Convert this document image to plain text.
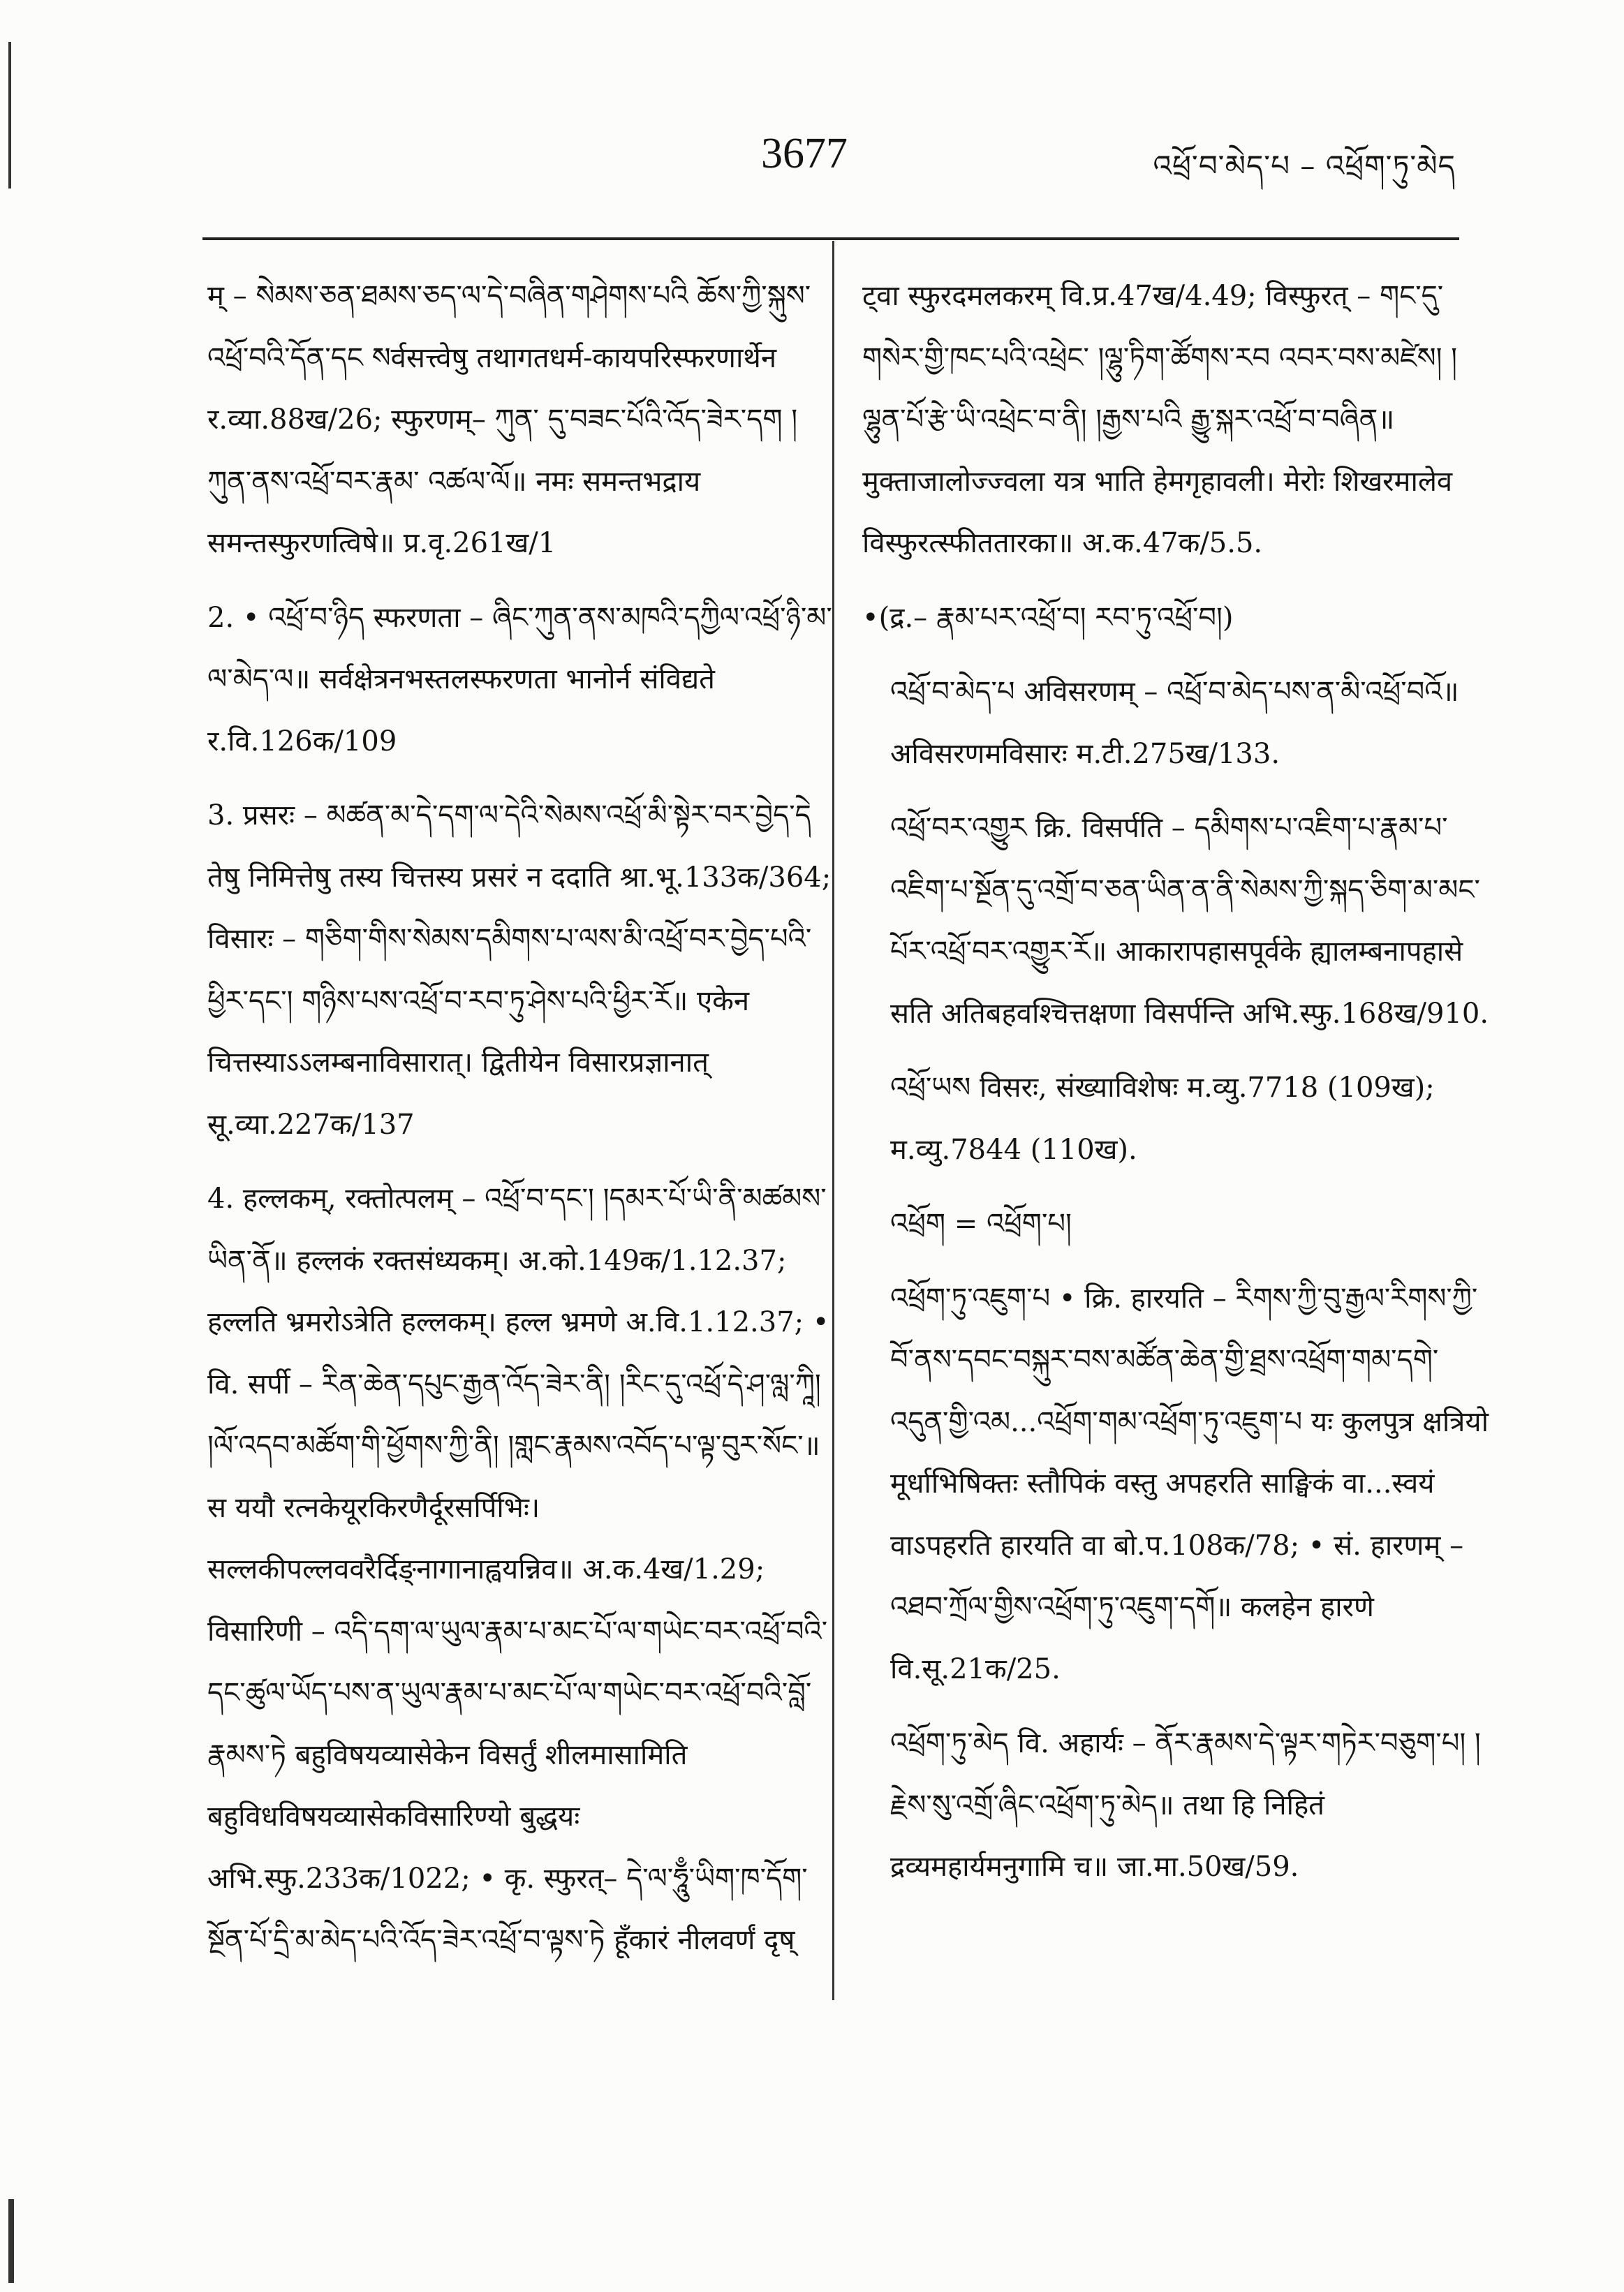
3677	འཕྲོ་བ་མེད་པ – འཕྲོག་ཏུ་མེད

म् – སེམས་ཅན་ཐམས་ཅད་ལ་དེ་བཞིན་གཤེགས་པའི ཆོས་ཀྱི་སྐུས་འཕྲོ་བའི་དོན་དང སर्वसत्त्वेषु तथागतधर्म-कायपरिस्फरणार्थेन र.व्या.88ख/26; स्फुरणम्– ཀུན་ དུ་བཟང་པོའི་འོད་ཟེར་དག ། ཀུན་ནས་འཕྲོ་བར་རྣམ་ འཚལ་ལོ॥ नमः समन्तभद्राय समन्तस्फुरणत्विषे॥ प्र.वृ.261ख/1

2. • འཕྲོ་བ་ཉིད स्फरणता – ཞིང་ཀུན་ནས་མཁའི་དཀྱིལ་འཕྲོ་ཉི་མ་ལ་མེད་ལ॥ सर्वक्षेत्रनभस्तलस्फरणता भानोर्न संविद्यते र.वि.126क/109

3. प्रसरः – མཚན་མ་དེ་དག་ལ་དེའི་སེམས་འཕྲོ་མི་སྟེར་བར་བྱེད་དེ तेषु निमित्तेषु तस्य चित्तस्य प्रसरं न ददाति श्रा.भू.133क/364; विसारः – གཅིག་གིས་སེམས་དམིགས་པ་ལས་མི་འཕྲོ་བར་བྱེད་པའི་ཕྱིར་དང་། གཉིས་པས་འཕྲོ་བ་རབ་ཏུ་ཤེས་པའི་ཕྱིར་རོ॥ एकेन चित्तस्याऽऽलम्बनाविसारात्। द्वितीयेन विसारप्रज्ञानात् सू.व्या.227क/137

4. हल्लकम्, रक्तोत्पलम् – འཕྲོ་བ་དང་། །དམར་པོ་ཡི་ནི་མཚམས་ཡིན་ནོ॥ हल्लकं रक्तसंध्यकम्। अ.को.149क/1.12.37; हल्लति भ्रमरोऽत्रेति हल्लकम्। हल्ल भ्रमणे अ.वि.1.12.37; • वि. सर्पी – རིན་ཆེན་དཔུང་རྒྱན་འོད་ཟེར་ནི། །རིང་དུ་འཕྲོ་དེ་ཤ་ལླ་ཀཱི། །ལོ་འདབ་མཚོག་གི་ཕྱོགས་ཀྱི་ནི། །གླང་རྣམས་འབོད་པ་ལྟ་བུར་སོང་॥ स ययौ रत्नकेयूरकिरणैर्दूरसर्पिभिः। सल्लकीपल्लववरैर्दिङ्नागानाह्वयन्निव॥ अ.क.4ख/1.29; विसारिणी – འདི་དག་ལ་ཡུལ་རྣམ་པ་མང་པོ་ལ་གཡེང་བར་འཕྲོ་བའི་དང་ཚུལ་ཡོད་པས་ན་ཡུལ་རྣམ་པ་མང་པོ་ལ་གཡེང་བར་འཕྲོ་བའི་བློ་རྣམས་ཏེ बहुविषयव्यासेकेन विसर्तुं शीलमासामिति बहुविधविषयव्यासेकविसारिण्यो बुद्धयः अभि.स्फु.233क/1022; • कृ. स्फुरत्– དེ་ལ་ཧཱུྃ་ཡིག་ཁ་དོག་སྔོན་པོ་དྲི་མ་མེད་པའི་འོད་ཟེར་འཕྲོ་བ་ལྟས་ཏེ हूँकारं नीलवर्णं दृष्

ट्वा स्फुरदमलकरम् वि.प्र.47ख/4.49; विस्फुरत् – གང་དུ་གསེར་གྱི་ཁང་པའི་འཕྲེང་ །ལྷུ་ཏིག་ཚོགས་རབ འབར་བས་མཛེས། །ལྷུན་པོ་རྩེ་ཡི་འཕྲེང་བ་ནི། །རྒྱས་པའི རྒྱུ་སྐར་འཕྲོ་བ་བཞིན॥ मुक्ताजालोज्ज्वला यत्र भाति हेमगृहावली। मेरोः शिखरमालेव विस्फुरत्स्फीततारका॥ अ.क.47क/5.5.

•(द्र.– རྣམ་པར་འཕྲོ་བ། རབ་ཏུ་འཕྲོ་བ།)

འཕྲོ་བ་མེད་པ अविसरणम् – འཕྲོ་བ་མེད་པས་ན་མི་འཕྲོ་བའོ॥ अविसरणमविसारः म.टी.275ख/133.

འཕྲོ་བར་འགྱུར क्रि. विसर्पति – དམིགས་པ་འཇིག་པ་རྣམ་པ་འཇིག་པ་སྔོན་དུ་འགྲོ་བ་ཅན་ཡིན་ན་ནི་སེམས་ཀྱི་སྐད་ཅིག་མ་མང་པོར་འཕྲོ་བར་འགྱུར་རོ॥ आकारापहासपूर्वके ह्यालम्बनापहासे सति अतिबहवश्चित्तक्षणा विसर्पन्ति अभि.स्फु.168ख/910.

འཕྲོ་ཡས विसरः, संख्याविशेषः म.व्यु.7718 (109ख); म.व्यु.7844 (110ख).

འཕྲོག = འཕྲོག་པ།

འཕྲོག་ཏུ་འཇུག་པ • क्रि. हारयति – རིགས་ཀྱི་བུ་རྒྱལ་རིགས་ཀྱི་བོ་ནས་དབང་བསྐུར་བས་མཚོན་ཆེན་གྱི་ཐྲས་འཕྲོག་གམ་དགེ་འདུན་གྱི་འམ...འཕྲོག་གམ་འཕྲོག་ཏུ་འཇུག་པ यः कुलपुत्र क्षत्रियो मूर्धाभिषिक्तः स्तौपिकं वस्तु अपहरति साङ्घिकं वा...स्वयं वाऽपहरति हारयति वा बो.प.108क/78; • सं. हारणम् – འཐབ་ཀྲོལ་གྱིས་འཕྲོག་ཏུ་འཇུག་དགོ॥ कलहेन हारणे वि.सू.21क/25.

འཕྲོག་ཏུ་མེད वि. अहार्यः – ནོར་རྣམས་དེ་ལྟར་གཏེར་བཅུག་པ། །རྗེས་སུ་འགྲོ་ཞིང་འཕྲོག་ཏུ་མེད॥ तथा हि निहितं द्रव्यमहार्यमनुगामि च॥ जा.मा.50ख/59.
